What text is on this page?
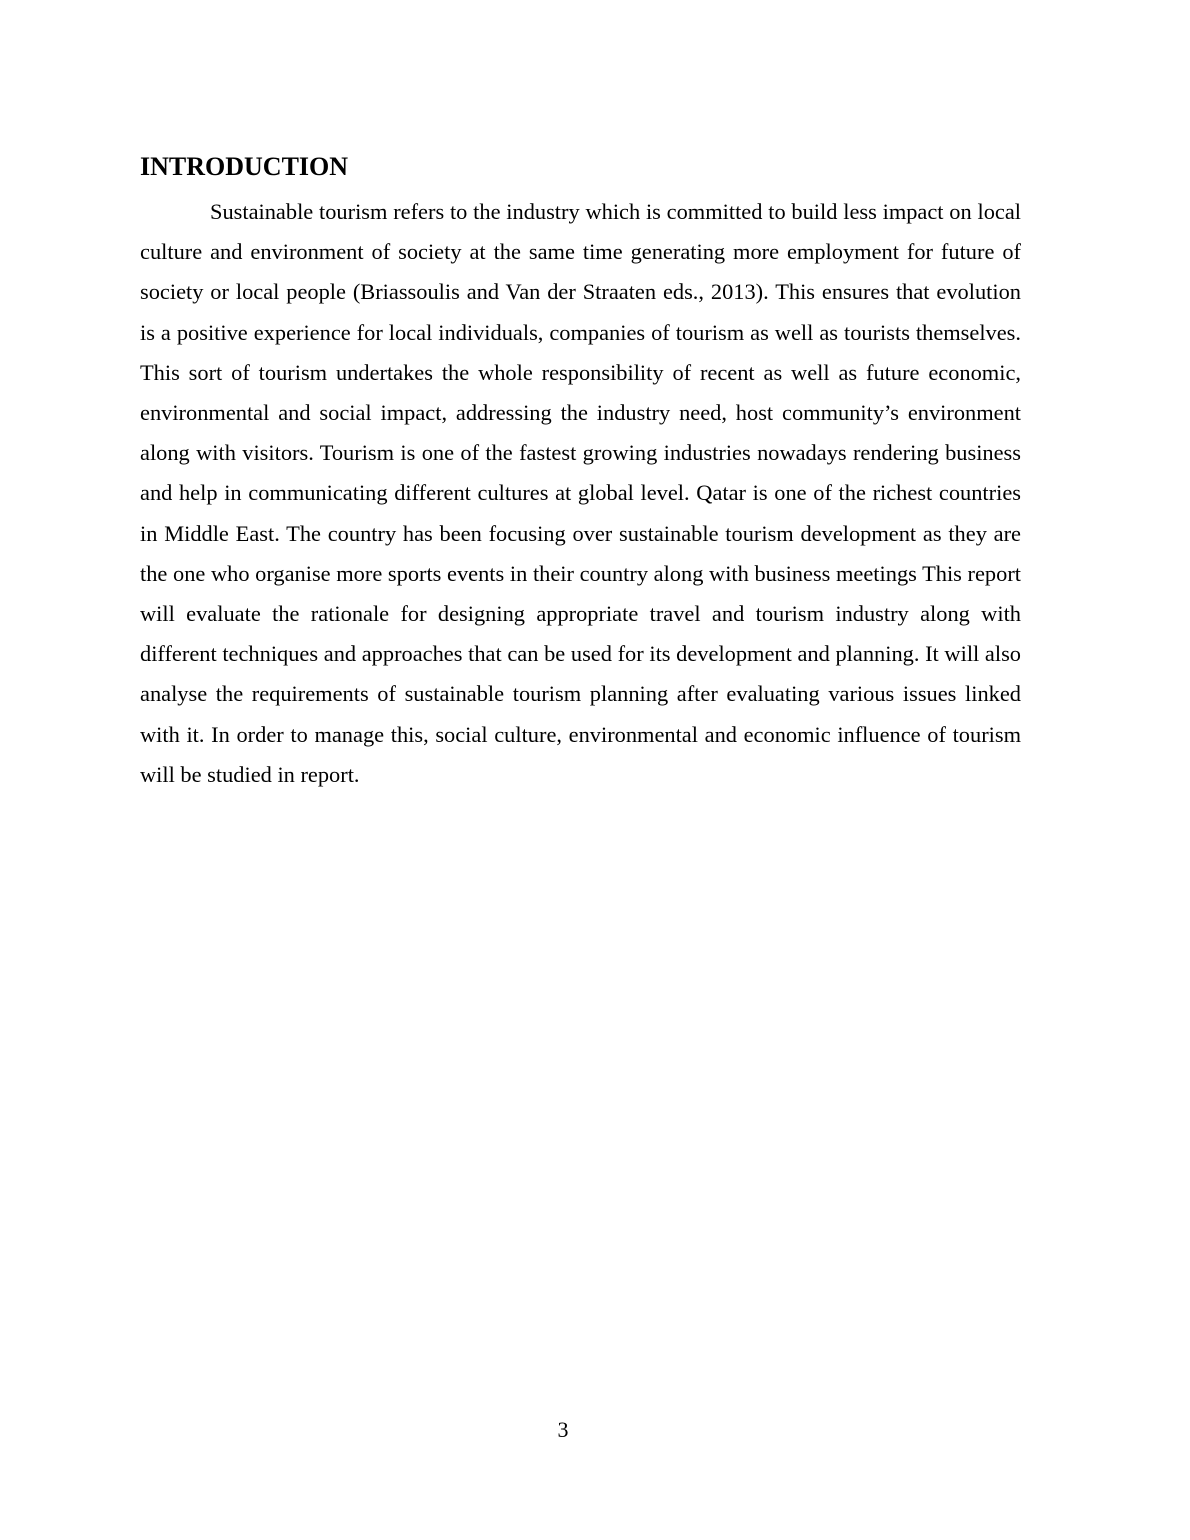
INTRODUCTION

Sustainable tourism refers to the industry which is committed to build less impact on local culture and environment of society at the same time generating more employment for future of society or local people (Briassoulis and Van der Straaten eds., 2013). This ensures that evolution is a positive experience for local individuals, companies of tourism as well as tourists themselves. This sort of tourism undertakes the whole responsibility of recent as well as future economic, environmental and social impact, addressing the industry need, host community’s environment along with visitors. Tourism is one of the fastest growing industries nowadays rendering business and help in communicating different cultures at global level. Qatar is one of the richest countries in Middle East. The country has been focusing over sustainable tourism development as they are the one who organise more sports events in their country along with business meetings This report will evaluate the rationale for designing appropriate travel and tourism industry along with different techniques and approaches that can be used for its development and planning. It will also analyse the requirements of sustainable tourism planning after evaluating various issues linked with it. In order to manage this, social culture, environmental and economic influence of tourism will be studied in report.

3
